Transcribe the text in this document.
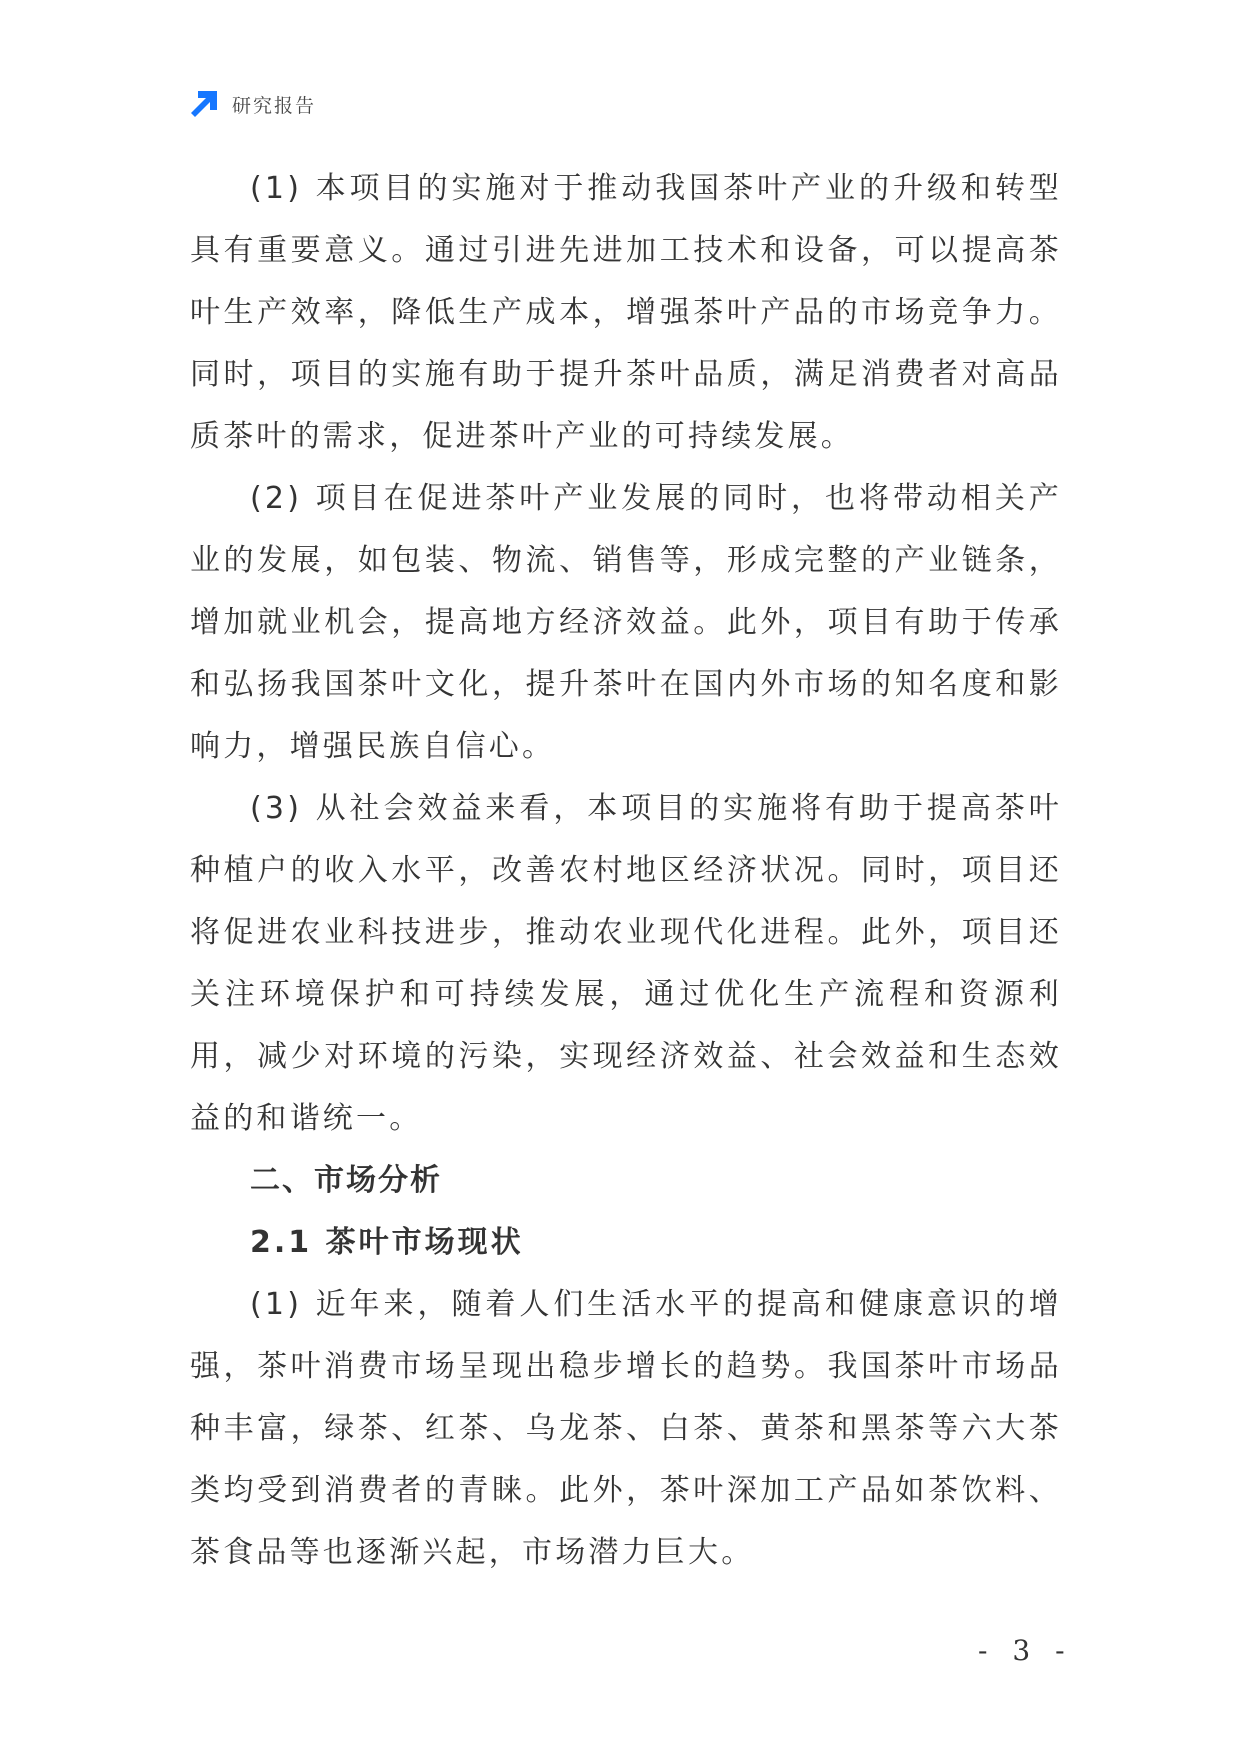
研究报告

(1) 本项目的实施对于推动我国茶叶产业的升级和转型具有重要意义。通过引进先进加工技术和设备，可以提高茶叶生产效率，降低生产成本，增强茶叶产品的市场竞争力。同时，项目的实施有助于提升茶叶品质，满足消费者对高品质茶叶的需求，促进茶叶产业的可持续发展。

(2) 项目在促进茶叶产业发展的同时，也将带动相关产业的发展，如包装、物流、销售等，形成完整的产业链条，增加就业机会，提高地方经济效益。此外，项目有助于传承和弘扬我国茶叶文化，提升茶叶在国内外市场的知名度和影响力，增强民族自信心。

(3) 从社会效益来看，本项目的实施将有助于提高茶叶种植户的收入水平，改善农村地区经济状况。同时，项目还将促进农业科技进步，推动农业现代化进程。此外，项目还关注环境保护和可持续发展，通过优化生产流程和资源利用，减少对环境的污染，实现经济效益、社会效益和生态效益的和谐统一。

二、市场分析
2.1 茶叶市场现状

(1) 近年来，随着人们生活水平的提高和健康意识的增强，茶叶消费市场呈现出稳步增长的趋势。我国茶叶市场品种丰富，绿茶、红茶、乌龙茶、白茶、黄茶和黑茶等六大茶类均受到消费者的青睐。此外，茶叶深加工产品如茶饮料、茶食品等也逐渐兴起，市场潜力巨大。

- 3 -
